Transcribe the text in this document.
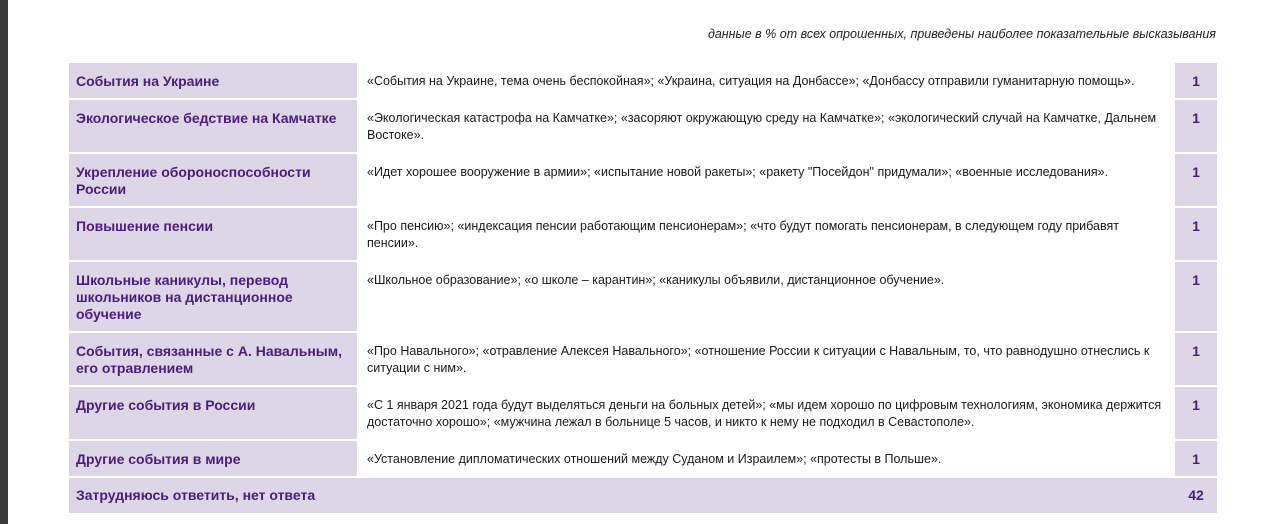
данные в % от всех опрошенных, приведены наиболее показательные высказывания
События на Украине	«События на Украине, тема очень беспокойная»; «Украина, ситуация на Донбассе»; «Донбассу отправили гуманитарную помощь».	1
Экологическое бедствие на Камчатке	«Экологическая катастрофа на Камчатке»; «засоряют окружающую среду на Камчатке»; «экологический случай на Камчатке, Дальнем Востоке».	1
Укрепление обороноспособности России	«Идет хорошее вооружение в армии»; «испытание новой ракеты»; «ракету "Посейдон" придумали»; «военные исследования».	1
Повышение пенсии	«Про пенсию»; «индексация пенсии работающим пенсионерам»; «что будут помогать пенсионерам, в следующем году прибавят пенсии».	1
Школьные каникулы, перевод школьников на дистанционное обучение	«Школьное образование»; «о школе – карантин»; «каникулы объявили, дистанционное обучение».	1
События, связанные с А. Навальным, его отравлением	«Про Навального»; «отравление Алексея Навального»; «отношение России к ситуации с Навальным, то, что равнодушно отнеслись к ситуации с ним».	1
Другие события в России	«С 1 января 2021 года будут выделяться деньги на больных детей»; «мы идем хорошо по цифровым технологиям, экономика держится достаточно хорошо»; «мужчина лежал в больнице 5 часов, и никто к нему не подходил в Севастополе».	1
Другие события в мире	«Установление дипломатических отношений между Суданом и Израилем»; «протесты в Польше».	1
Затрудняюсь ответить, нет ответа		42
